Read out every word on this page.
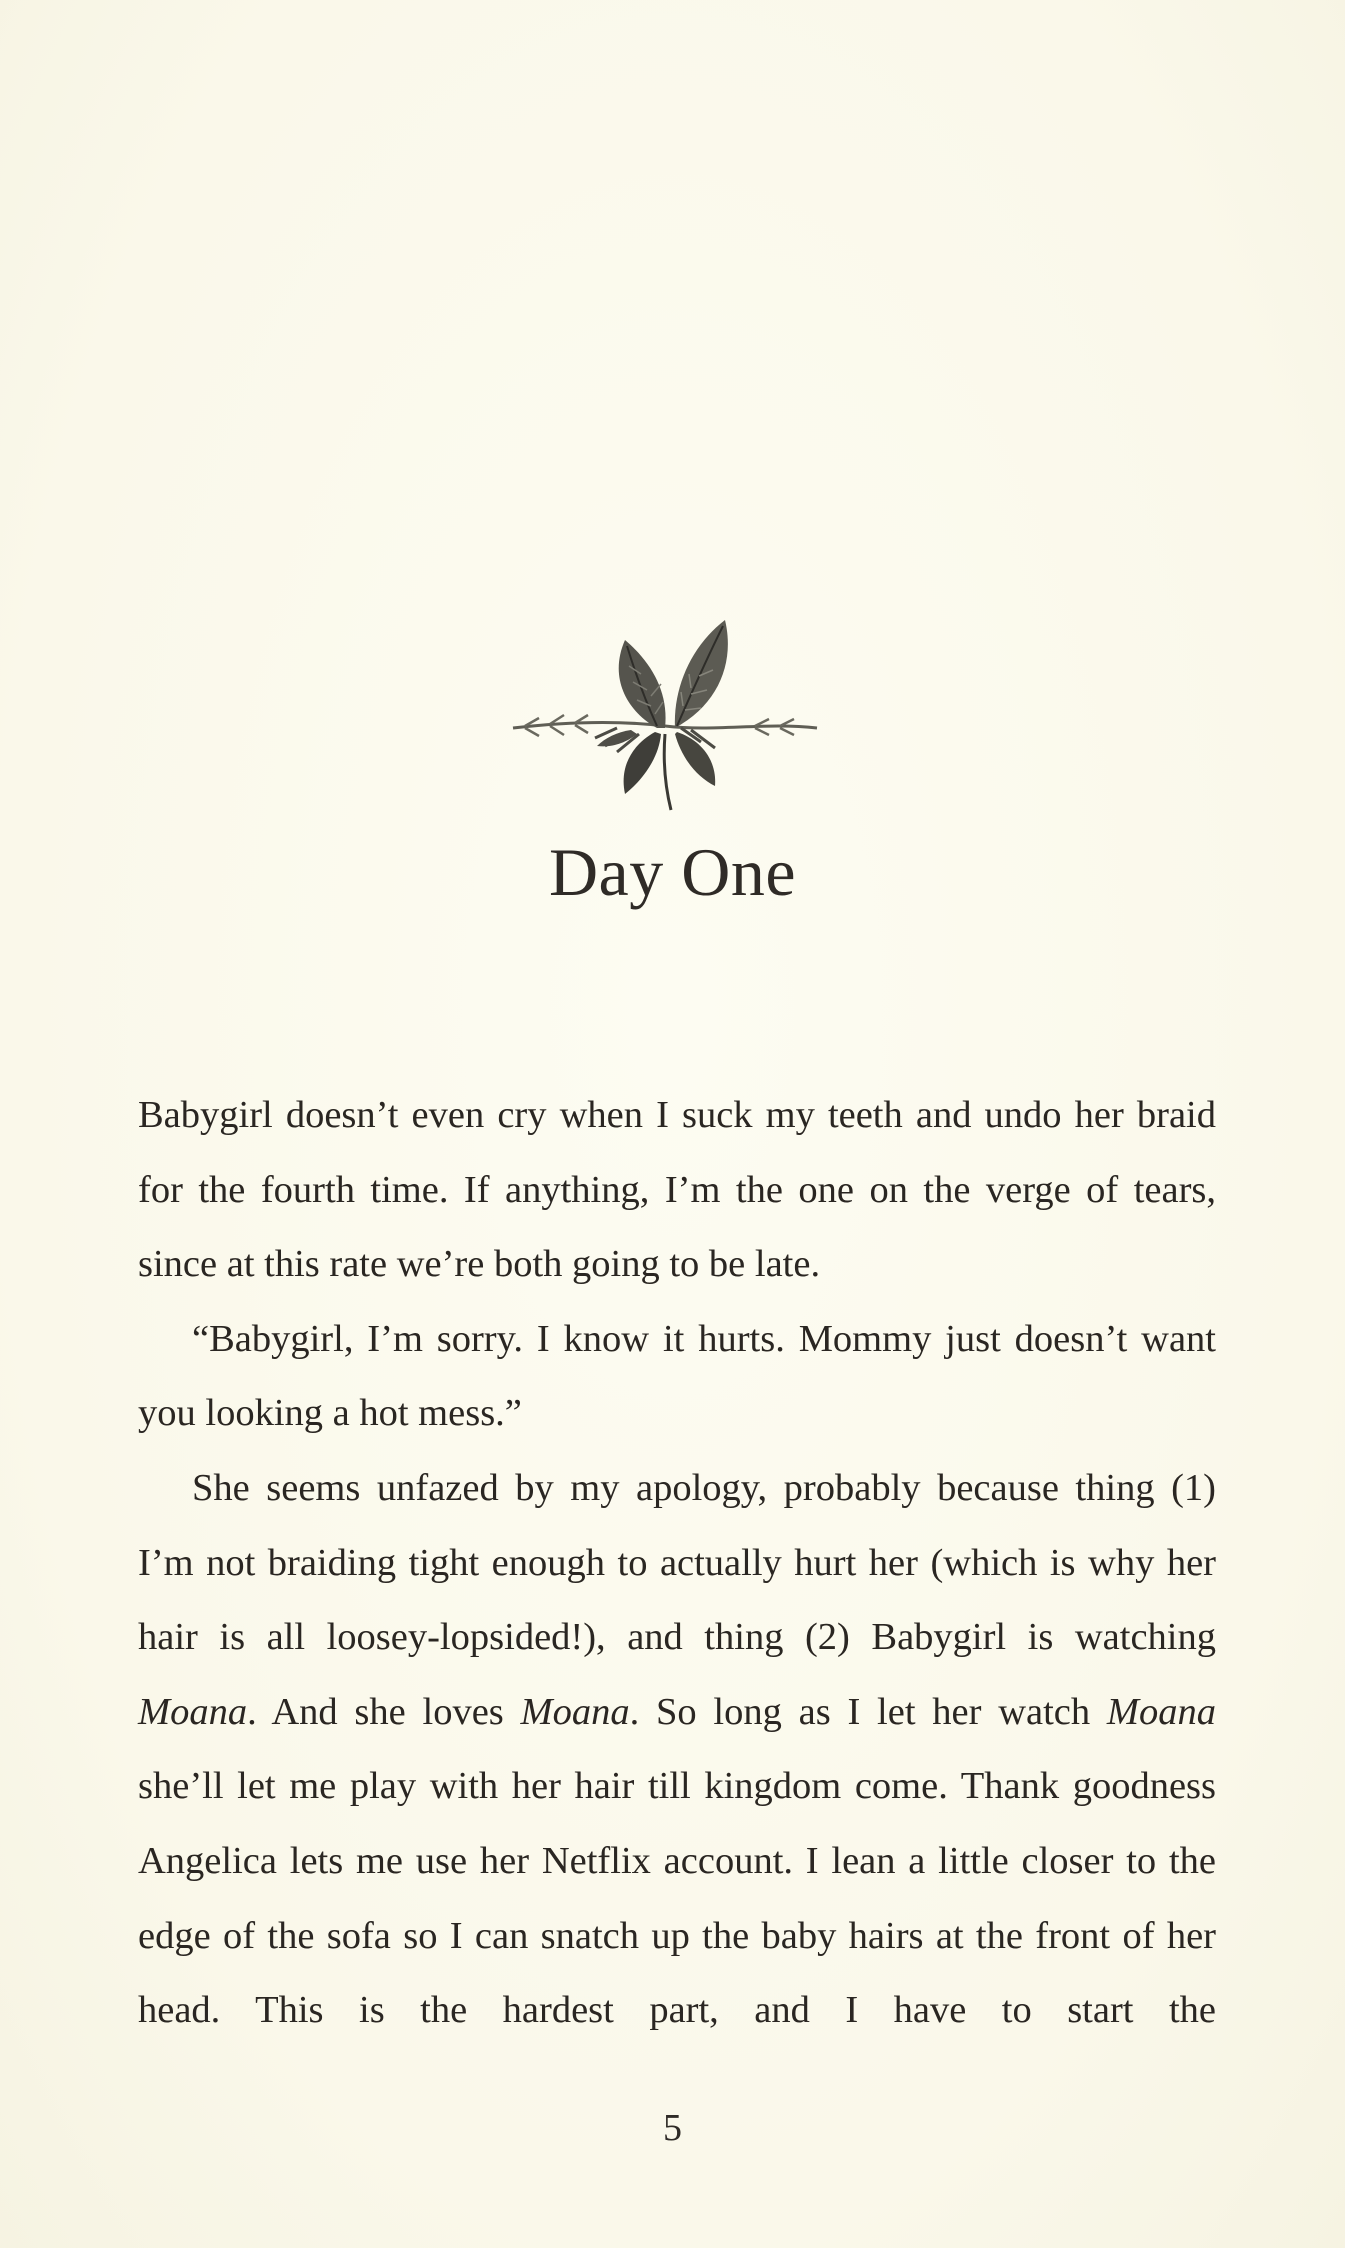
Day One

Babygirl doesn’t even cry when I suck my teeth and undo her braid for the fourth time. If anything, I’m the one on the verge of tears, since at this rate we’re both going to be late.

“Babygirl, I’m sorry. I know it hurts. Mommy just doesn’t want you looking a hot mess.”

She seems unfazed by my apology, probably because thing (1) I’m not braiding tight enough to actually hurt her (which is why her hair is all loosey-lopsided!), and thing (2) Babygirl is watching Moana. And she loves Moana. So long as I let her watch Moana she’ll let me play with her hair till kingdom come. Thank goodness Angelica lets me use her Netflix account. I lean a little closer to the edge of the sofa so I can snatch up the baby hairs at the front of her head. This is the hardest part, and I have to start the

5
